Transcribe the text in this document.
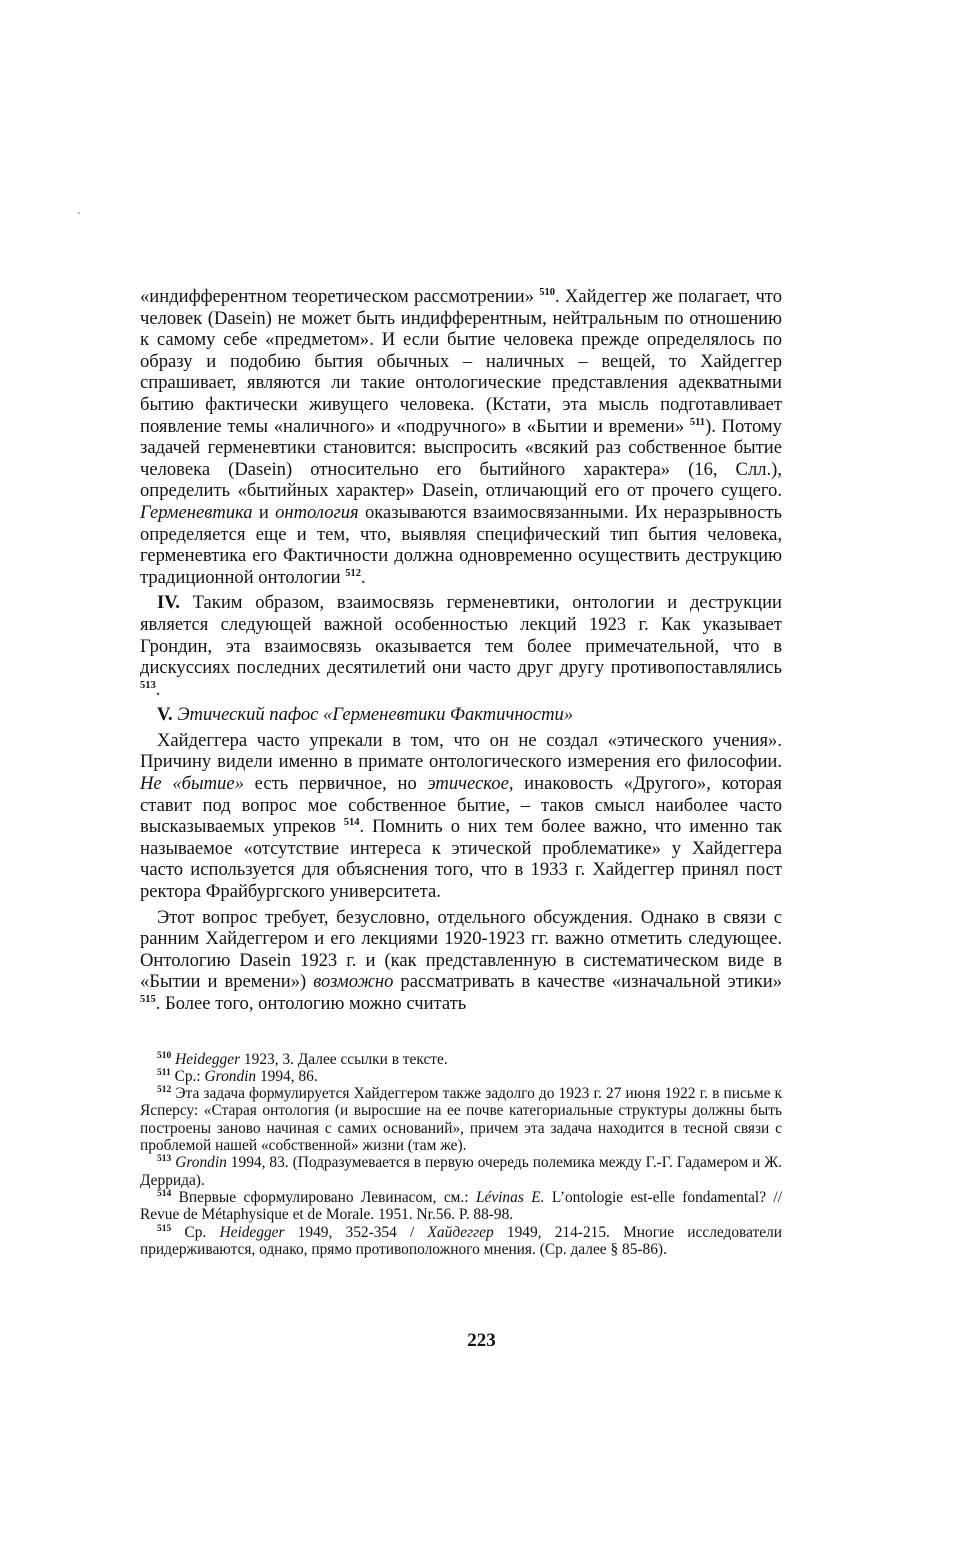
«индифферентном теоретическом рассмотрении» $^{510}$. Хайдеггер же полагает, что человек (Dasein) не может быть индифферентным, нейтральным по отношению к самому себе «предметом». И если бытие человека прежде определялось по образу и подобию бытия обычных – наличных – вещей, то Хайдеггер спрашивает, являются ли такие онтологические представления адекватными бытию фактически живущего человека. (Кстати, эта мысль подготавливает появление темы «наличного» и «подручного» в «Бытии и времени» $^{511}$). Потому задачей герменевтики становится: выспросить «всякий раз собственное бытие человека (Dasein) относительно его бытийного характера» (16, Слл.), определить «бытийных характер» Dasein, отличающий его от прочего сущего. Герменевтика и онтология оказываются взаимосвязанными. Их неразрывность определяется еще и тем, что, выявляя специфический тип бытия человека, герменевтика его Фактичности должна одновременно осуществить деструкцию традиционной онтологии $^{512}$.

IV. Таким образом, взаимосвязь герменевтики, онтологии и деструкции является следующей важной особенностью лекций 1923 г. Как указывает Грондин, эта взаимосвязь оказывается тем более примечательной, что в дискуссиях последних десятилетий они часто друг другу противопоставлялись $^{513}$.

V. Этический пафос «Герменевтики Фактичности»

Хайдеггера часто упрекали в том, что он не создал «этического учения». Причину видели именно в примате онтологического измерения его философии. Не «бытие» есть первичное, но этическое, инаковость «Другого», которая ставит под вопрос мое собственное бытие, – таков смысл наиболее часто высказываемых упреков $^{514}$. Помнить о них тем более важно, что именно так называемое «отсутствие интереса к этической проблематике» у Хайдеггера часто используется для объяснения того, что в 1933 г. Хайдеггер принял пост ректора Фрайбургского университета.

Этот вопрос требует, безусловно, отдельного обсуждения. Однако в связи с ранним Хайдеггером и его лекциями 1920-1923 гг. важно отметить следующее. Онтологию Dasein 1923 г. и (как представленную в систематическом виде в «Бытии и времени») возможно рассматривать в качестве «изначальной этики» $^{515}$. Более того, онтологию можно считать

$^{510}$ Heidegger 1923, 3. Далее ссылки в тексте.

$^{511}$ Ср.: Grondin 1994, 86.

$^{512}$ Эта задача формулируется Хайдеггером также задолго до 1923 г. 27 июня 1922 г. в письме к Ясперсу: «Старая онтология (и выросшие на ее почве категориальные структуры должны быть построены заново начиная с самих оснований», причем эта задача находится в тесной связи с проблемой нашей «собственной» жизни (там же).

$^{513}$ Grondin 1994, 83. (Подразумевается в первую очередь полемика между Г.-Г. Гадамером и Ж. Деррида).

$^{514}$ Впервые сформулировано Левинасом, см.: Lévinas E. L’ontologie est-elle fondamental? // Revue de Métaphysique et de Morale. 1951. Nr.56. P. 88-98.

$^{515}$ Ср. Heidegger 1949, 352-354 / Хайдеггер 1949, 214-215. Многие исследователи придерживаются, однако, прямо противоположного мнения. (Ср. далее § 85-86).

223
